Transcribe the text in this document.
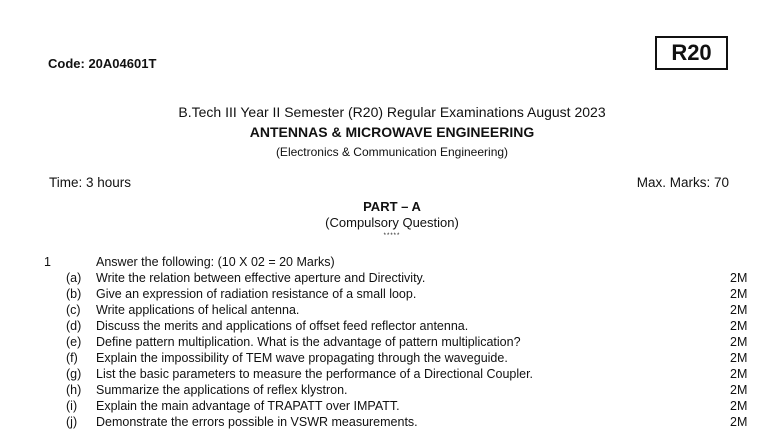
Code: 20A04601T	R20
B.Tech III Year II Semester (R20) Regular Examinations August 2023
ANTENNAS & MICROWAVE ENGINEERING
(Electronics & Communication Engineering)
Time: 3 hours	Max. Marks: 70
PART – A
(Compulsory Question)
*****
1	Answer the following: (10 X 02 = 20 Marks)
(a) Write the relation between effective aperture and Directivity.	2M
(b) Give an expression of radiation resistance of a small loop.	2M
(c) Write applications of helical antenna.	2M
(d) Discuss the merits and applications of offset feed reflector antenna.	2M
(e) Define pattern multiplication. What is the advantage of pattern multiplication?	2M
(f) Explain the impossibility of TEM wave propagating through the waveguide.	2M
(g) List the basic parameters to measure the performance of a Directional Coupler.	2M
(h) Summarize the applications of reflex klystron.	2M
(i) Explain the main advantage of TRAPATT over IMPATT.	2M
(j) Demonstrate the errors possible in VSWR measurements.	2M
